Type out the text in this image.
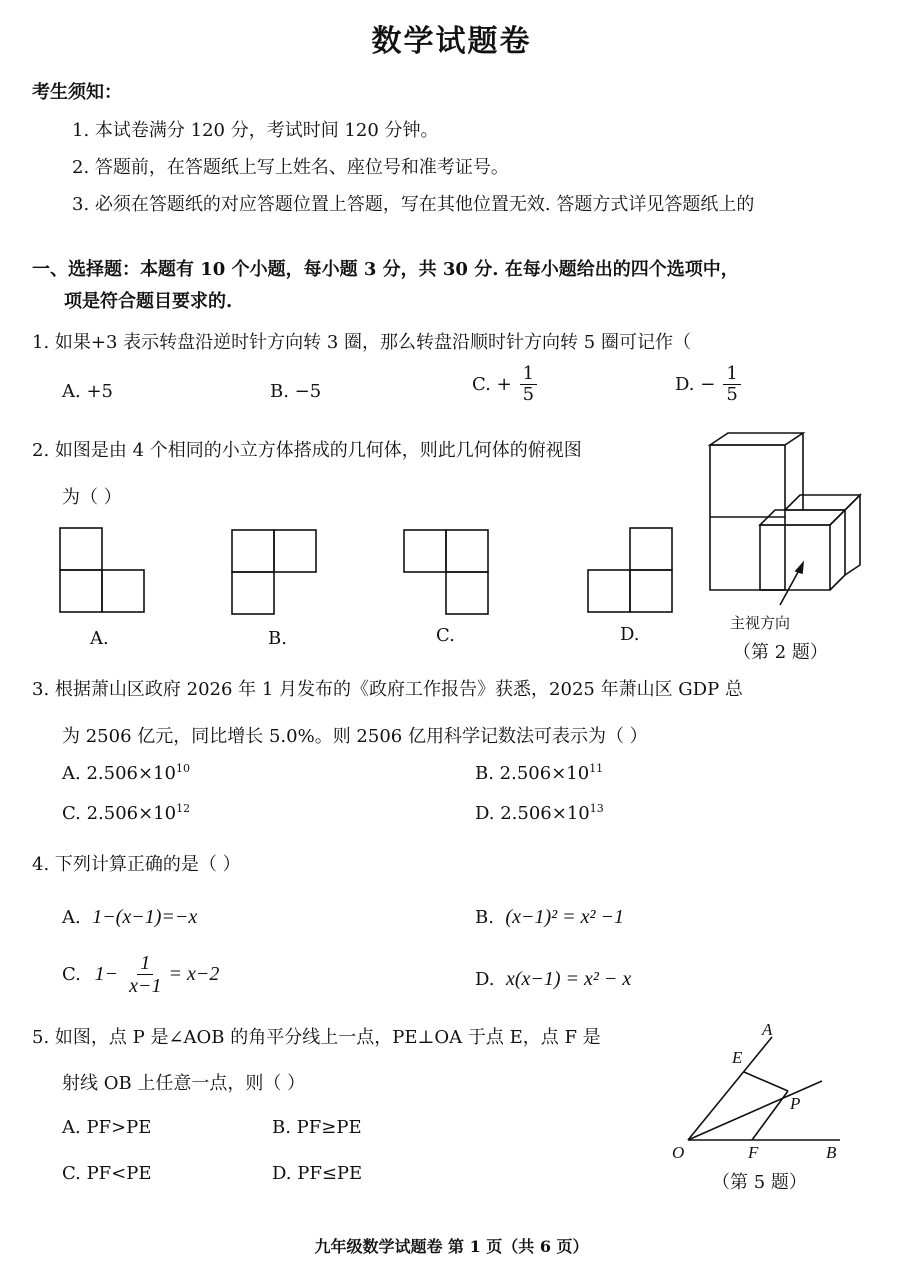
数学试题卷
考生须知：
1. 本试卷满分 120 分，考试时间 120 分钟。
2. 答题前，在答题纸上写上姓名、座位号和准考证号。
3. 必须在答题纸的对应答题位置上答题，写在其他位置无效. 答题方式详见答题纸上的
一、选择题：本题有 10 个小题，每小题 3 分，共 30 分. 在每小题给出的四个选项中，
项是符合题目要求的.
1. 如果+3 表示转盘沿逆时针方向转 3 圈，那么转盘沿顺时针方向转 5 圈可记作（
A. +5	B. −5	C. + $\frac{1}{5}$	D. − $\frac{1}{5}$
2. 如图是由 4 个相同的小立方体搭成的几何体，则此几何体的俯视图
为（ ）
A.	B.	C.	D.
主视方向
（第 2 题）
3. 根据萧山区政府 2026 年 1 月发布的《政府工作报告》获悉，2025 年萧山区 GDP 总
为 2506 亿元，同比增长 5.0%。则 2506 亿用科学记数法可表示为（ ）
A. $2.506\times 10^{10}$	B. $2.506\times 10^{11}$
C. $2.506\times 10^{12}$	D. $2.506\times 10^{13}$
4. 下列计算正确的是（ ）
A. 1−(x−1)=−x	B. (x−1)² = x² −1
C.
$1- \frac{1}{x-1} = x-2$	D. x(x−1) = x² − x
5. 如图，点 P 是∠AOB 的角平分线上一点，PE⊥OA 于点 E，点 F 是
射线 OB 上任意一点，则（ ）
A. PF>PE	B. PF≥PE
C. PF<PE	D. PF≤PE
A
E
P
O	F	B
（第 5 题）
九年级数学试题卷 第 1 页（共 6 页）
